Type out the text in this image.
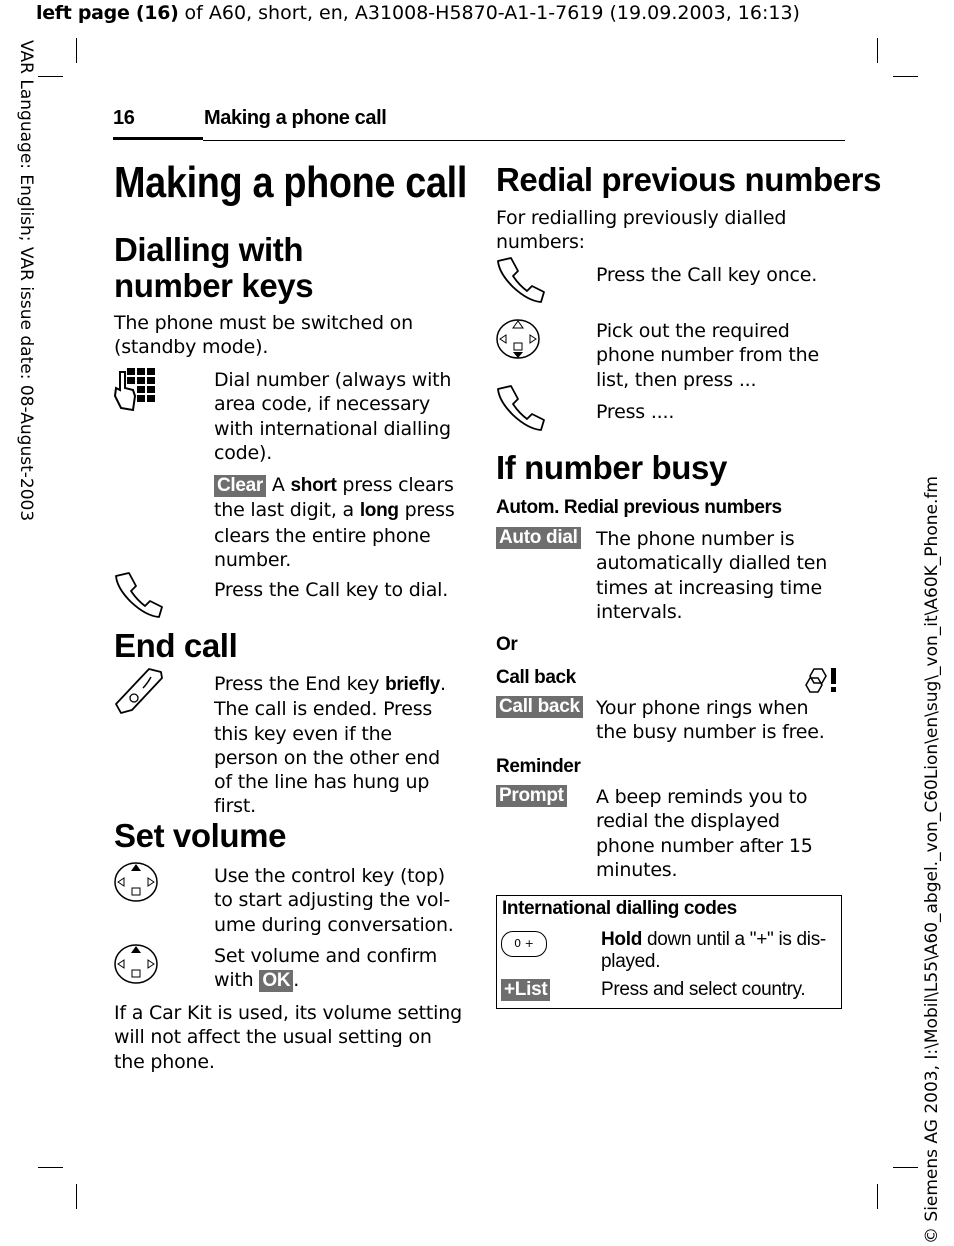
left page (16) of A60, short, en, A31008-H5870-A1-1-7619 (19.09.2003, 16:13)
VAR Language: English; VAR issue date: 08-August-2003
© Siemens AG 2003, I:\Mobil\L55\A60_abgel._von_C60Lion\en\sug\_von_it\A60K_Phone.fm
16	Making a phone call
Making a phone call
Dialling with number keys
The phone must be switched on (standby mode).
Dial number (always with area code, if necessary with international dialling code).
Clear A short press clears the last digit, a long press clears the entire phone number.
Press the Call key to dial.
End call
Press the End key briefly. The call is ended. Press this key even if the person on the other end of the line has hung up first.
Set volume
Use the control key (top) to start adjusting the vol-ume during conversation.
Set volume and confirm with OK .
If a Car Kit is used, its volume setting will not affect the usual setting on the phone.
Redial previous numbers
For redialling previously dialled numbers:
Press the Call key once.
Pick out the required phone number from the list, then press ...
Press ....
If number busy
Autom. Redial previous numbers
Auto dial The phone number is automatically dialled ten times at increasing time intervals.
Or
Call back
Call back Your phone rings when the busy number is free.
Reminder
Prompt A beep reminds you to redial the displayed phone number after 15 minutes.
International dialling codes
0 +	Hold down until a "+" is dis-played.
+List	Press and select country.
